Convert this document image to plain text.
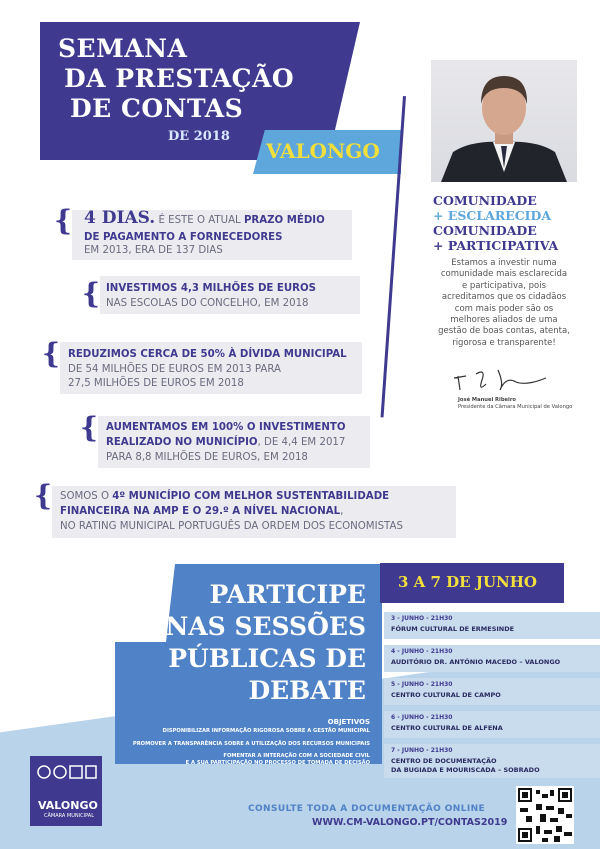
SEMANA
DA PRESTAÇÃO
DE CONTAS
DE 2018
VALONGO
COMUNIDADE
+ ESCLARECIDA
COMUNIDADE
+ PARTICIPATIVA
Estamos a investir numa comunidade mais esclarecida e participativa, pois acreditamos que os cidadãos com mais poder são os melhores aliados de uma gestão de boas contas, atenta, rigorosa e transparente!
José Manuel Ribeiro
Presidente da Câmara Municipal de Valongo
{ 4 DIAS. É ESTE O ATUAL PRAZO MÉDIO
DE PAGAMENTO A FORNECEDORES
EM 2013, ERA DE 137 DIAS
{ INVESTIMOS 4,3 MILHÕES DE EUROS
NAS ESCOLAS DO CONCELHO, EM 2018
{ REDUZIMOS CERCA DE 50% À DÍVIDA MUNICIPAL
DE 54 MILHÕES DE EUROS EM 2013 PARA
27,5 MILHÕES DE EUROS EM 2018
{ AUMENTAMOS EM 100% O INVESTIMENTO
REALIZADO NO MUNICÍPIO, DE 4,4 EM 2017
PARA 8,8 MILHÕES DE EUROS, EM 2018
{ SOMOS O 4º MUNICÍPIO COM MELHOR SUSTENTABILIDADE
FINANCEIRA NA AMP E O 29.º A NÍVEL NACIONAL,
NO RATING MUNICIPAL PORTUGUÊS DA ORDEM DOS ECONOMISTAS
PARTICIPE
NAS SESSÕES
PÚBLICAS DE
DEBATE
OBJETIVOS
DISPONIBILIZAR INFORMAÇÃO RIGOROSA SOBRE A GESTÃO MUNICIPAL
PROMOVER A TRANSPARÊNCIA SOBRE A UTILIZAÇÃO DOS RECURSOS MUNICIPAIS
FOMENTAR A INTERAÇÃO COM A SOCIEDADE CIVIL
E A SUA PARTICIPAÇÃO NO PROCESSO DE TOMADA DE DECISÃO
3 A 7 DE JUNHO
3 - JUNHO - 21H30
FÓRUM CULTURAL DE ERMESINDE
4 - JUNHO - 21H30
AUDITÓRIO DR. ANTÓNIO MACEDO – VALONGO
5 - JUNHO - 21H30
CENTRO CULTURAL DE CAMPO
6 - JUNHO - 21H30
CENTRO CULTURAL DE ALFENA
7 - JUNHO - 21H30
CENTRO DE DOCUMENTAÇÃO
DA BUGIADA E MOURISCADA – SOBRADO
VALONGO
CÂMARA MUNICIPAL
CONSULTE TODA A DOCUMENTAÇÃO ONLINE
WWW.CM-VALONGO.PT/CONTAS2019
